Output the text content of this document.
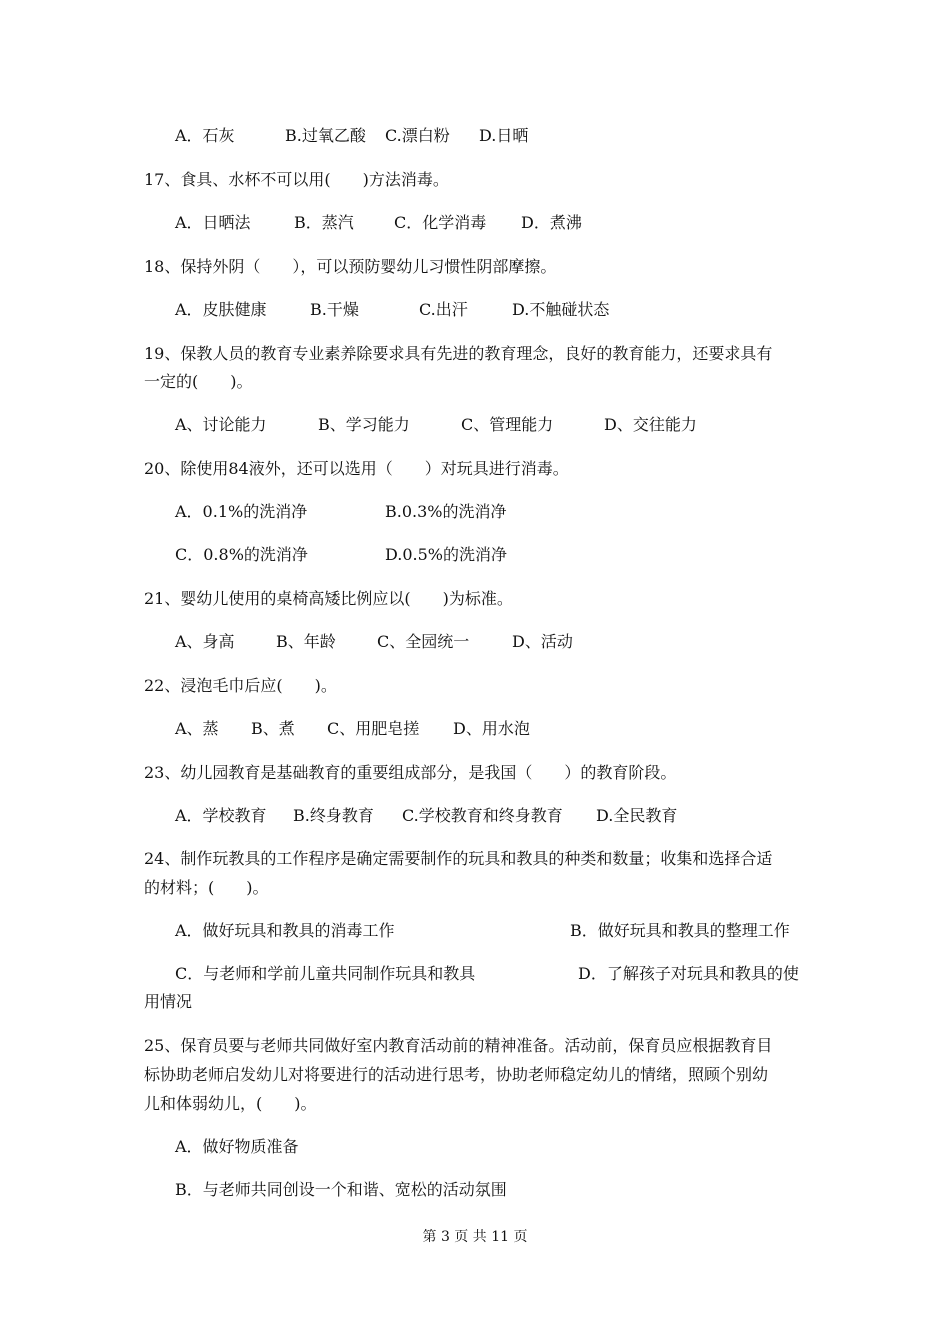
A．石灰	B.过氧乙酸 C.漂白粉 D.日晒
17、食具、水杯不可以用(　　)方法消毒。
A．日晒法	B．蒸汽	C．化学消毒 D．煮沸
18、保持外阴（　　），可以预防婴幼儿习惯性阴部摩擦。
A．皮肤健康	B.干燥	C.出汗	D.不触碰状态
19、保教人员的教育专业素养除要求具有先进的教育理念，良好的教育能力，还要求具有
一定的(　　)。
A、讨论能力	B、学习能力	C、管理能力	D、交往能力
20、除使用84液外，还可以选用（　　）对玩具进行消毒。
A．0.1%的洗消净	B.0.3%的洗消净
C．0.8%的洗消净	D.0.5%的洗消净
21、婴幼儿使用的桌椅高矮比例应以(　　)为标准。
A、身高	B、年龄	C、全园统一	D、活动
22、浸泡毛巾后应(　　)。
A、蒸 B、煮 C、用肥皂搓 D、用水泡
23、幼儿园教育是基础教育的重要组成部分，是我国（　　）的教育阶段。
A．学校教育 B.终身教育 C.学校教育和终身教育 D.全民教育
24、制作玩教具的工作程序是确定需要制作的玩具和教具的种类和数量；收集和选择合适
的材料；(　　)。
A．做好玩具和教具的消毒工作	B．做好玩具和教具的整理工作
C．与老师和学前儿童共同制作玩具和教具	D．了解孩子对玩具和教具的使
用情况
25、保育员要与老师共同做好室内教育活动前的精神准备。活动前，保育员应根据教育目
标协助老师启发幼儿对将要进行的活动进行思考，协助老师稳定幼儿的情绪，照顾个别幼
儿和体弱幼儿，(　　)。
A．做好物质准备
B．与老师共同创设一个和谐、宽松的活动氛围
第 3 页 共 11 页
